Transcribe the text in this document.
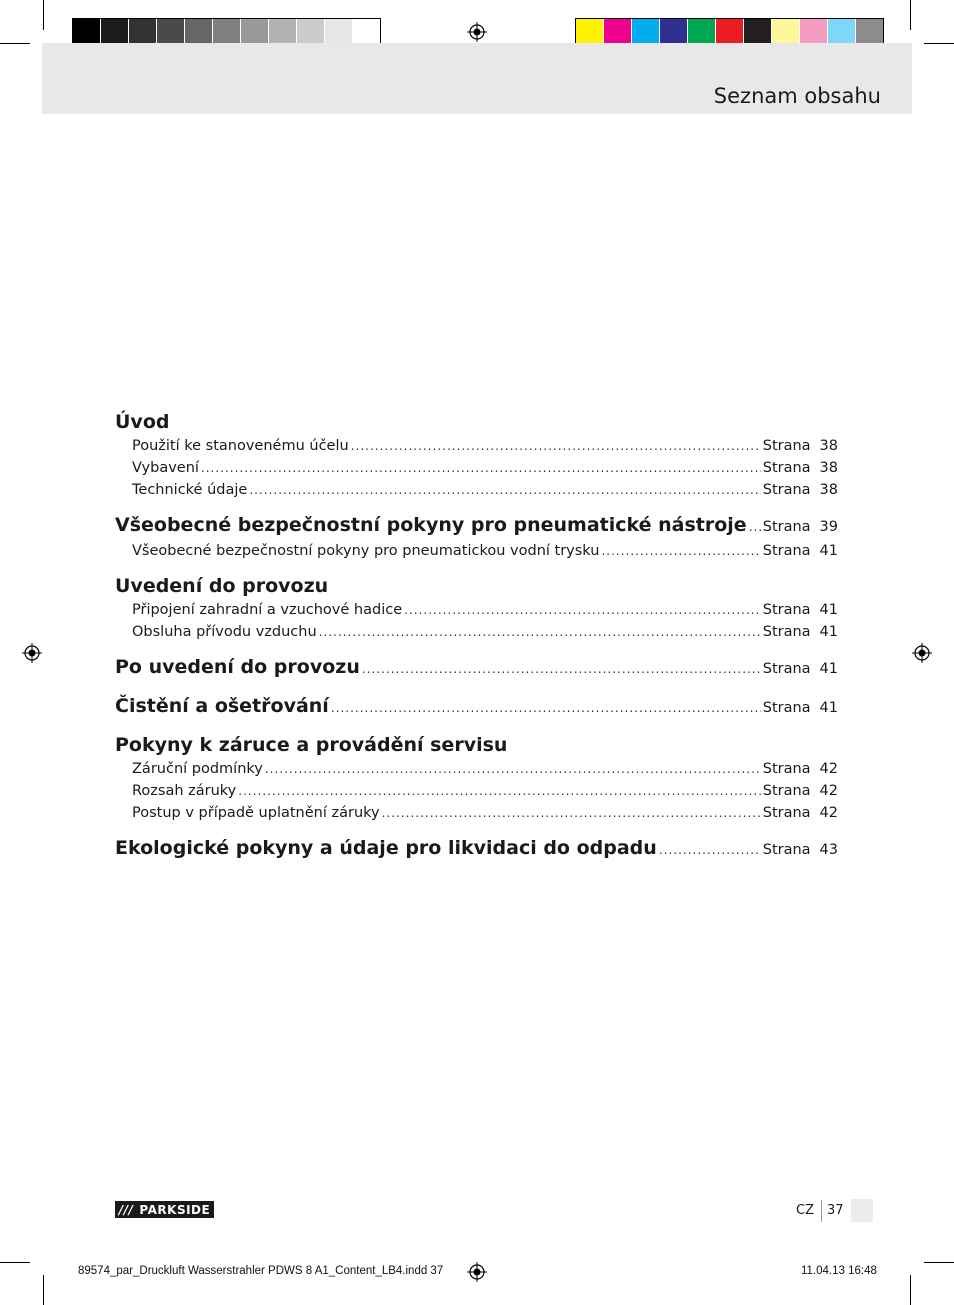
Seznam obsahu
Úvod
Použití ke stanovenému účelu .....	Strana 38
Vybavení .....	Strana 38
Technické údaje .....	Strana 38
Všeobecné bezpečnostní pokyny pro pneumatické nástroje ..... Strana 39
Všeobecné bezpečnostní pokyny pro pneumatickou vodní trysku .....	Strana 41
Uvedení do provozu
Připojení zahradní a vzuchové hadice .....	Strana 41
Obsluha přívodu vzduchu .....	Strana 41
Po uvedení do provozu .....	Strana 41
Čistění a ošetřování .....	Strana 41
Pokyny k záruce a provádění servisu
Záruční podmínky .....	Strana 42
Rozsah záruky .....	Strana 42
Postup v případě uplatnění záruky .....	Strana 42
Ekologické pokyny a údaje pro likvidaci do odpadu .....	Strana 43
/// PARKSIDE	CZ 37
89574_par_Druckluft Wasserstrahler PDWS 8 A1_Content_LB4.indd 37	11.04.13 16:48
